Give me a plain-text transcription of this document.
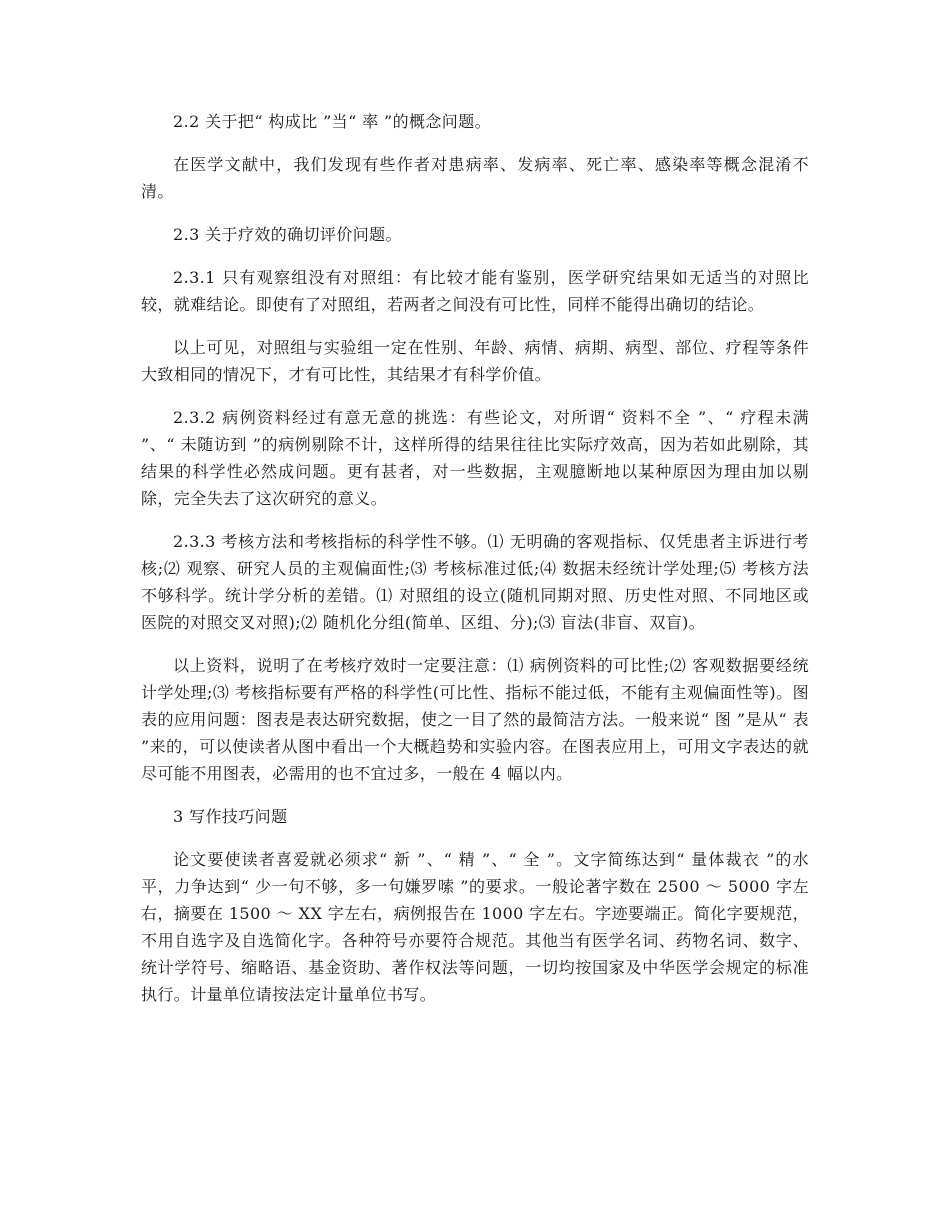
2.2 关于把“ 构成比 ”当“ 率 ”的概念问题。

在医学文献中，我们发现有些作者对患病率、发病率、死亡率、感染率等概念混淆不清。

2.3 关于疗效的确切评价问题。

2.3.1 只有观察组没有对照组：有比较才能有鉴别，医学研究结果如无适当的对照比较，就难结论。即使有了对照组，若两者之间没有可比性，同样不能得出确切的结论。

以上可见，对照组与实验组一定在性别、年龄、病情、病期、病型、部位、疗程等条件大致相同的情况下，才有可比性，其结果才有科学价值。

2.3.2 病例资料经过有意无意的挑选：有些论文，对所谓“ 资料不全 ”、“ 疗程未满 ”、“ 未随访到 ”的病例剔除不计，这样所得的结果往往比实际疗效高，因为若如此剔除，其结果的科学性必然成问题。更有甚者，对一些数据，主观臆断地以某种原因为理由加以剔除，完全失去了这次研究的意义。

2.3.3 考核方法和考核指标的科学性不够。⑴ 无明确的客观指标、仅凭患者主诉进行考核;⑵ 观察、研究人员的主观偏面性;⑶ 考核标准过低;⑷ 数据未经统计学处理;⑸ 考核方法不够科学。统计学分析的差错。⑴ 对照组的设立(随机同期对照、历史性对照、不同地区或医院的对照交叉对照);⑵ 随机化分组(简单、区组、分);⑶ 盲法(非盲、双盲)。

以上资料，说明了在考核疗效时一定要注意：⑴ 病例资料的可比性;⑵ 客观数据要经统计学处理;⑶ 考核指标要有严格的科学性(可比性、指标不能过低，不能有主观偏面性等)。图表的应用问题：图表是表达研究数据，使之一目了然的最简洁方法。一般来说“ 图 ”是从“ 表 ”来的，可以使读者从图中看出一个大概趋势和实验内容。在图表应用上，可用文字表达的就尽可能不用图表，必需用的也不宜过多，一般在 4 幅以内。

3 写作技巧问题

论文要使读者喜爱就必须求“ 新 ”、“ 精 ”、“ 全 ”。文字简练达到“ 量体裁衣 ”的水平，力争达到“ 少一句不够，多一句嫌罗嗦 ”的要求。一般论著字数在 2500 ～ 5000 字左右，摘要在 1500 ～ XX 字左右，病例报告在 1000 字左右。字迹要端正。简化字要规范，不用自选字及自选简化字。各种符号亦要符合规范。其他当有医学名词、药物名词、数字、统计学符号、缩略语、基金资助、著作权法等问题，一切均按国家及中华医学会规定的标准执行。计量单位请按法定计量单位书写。
